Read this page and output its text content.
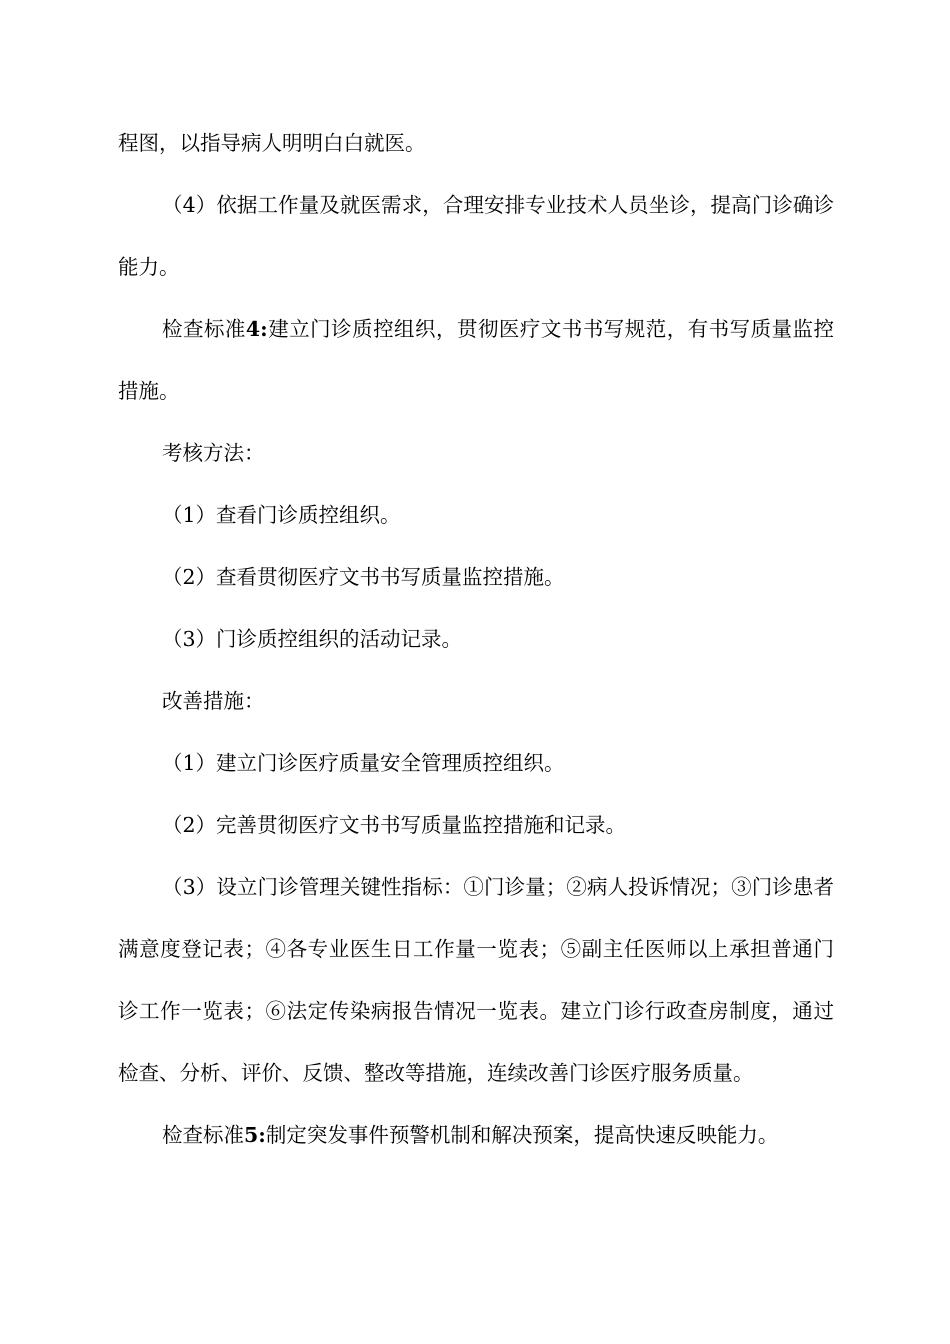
程图，以指导病人明明白白就医。

（4）依据工作量及就医需求，合理安排专业技术人员坐诊，提高门诊确诊能力。

检查标准4:建立门诊质控组织，贯彻医疗文书书写规范，有书写质量监控措施。

考核方法：

（1）查看门诊质控组织。

（2）查看贯彻医疗文书书写质量监控措施。

（3）门诊质控组织的活动记录。

改善措施：

（1）建立门诊医疗质量安全管理质控组织。

（2）完善贯彻医疗文书书写质量监控措施和记录。

（3）设立门诊管理关键性指标：①门诊量；②病人投诉情况；③门诊患者满意度登记表；④各专业医生日工作量一览表；⑤副主任医师以上承担普通门诊工作一览表；⑥法定传染病报告情况一览表。建立门诊行政查房制度，通过检查、分析、评价、反馈、整改等措施，连续改善门诊医疗服务质量。

检查标准5:制定突发事件预警机制和解决预案，提高快速反映能力。
